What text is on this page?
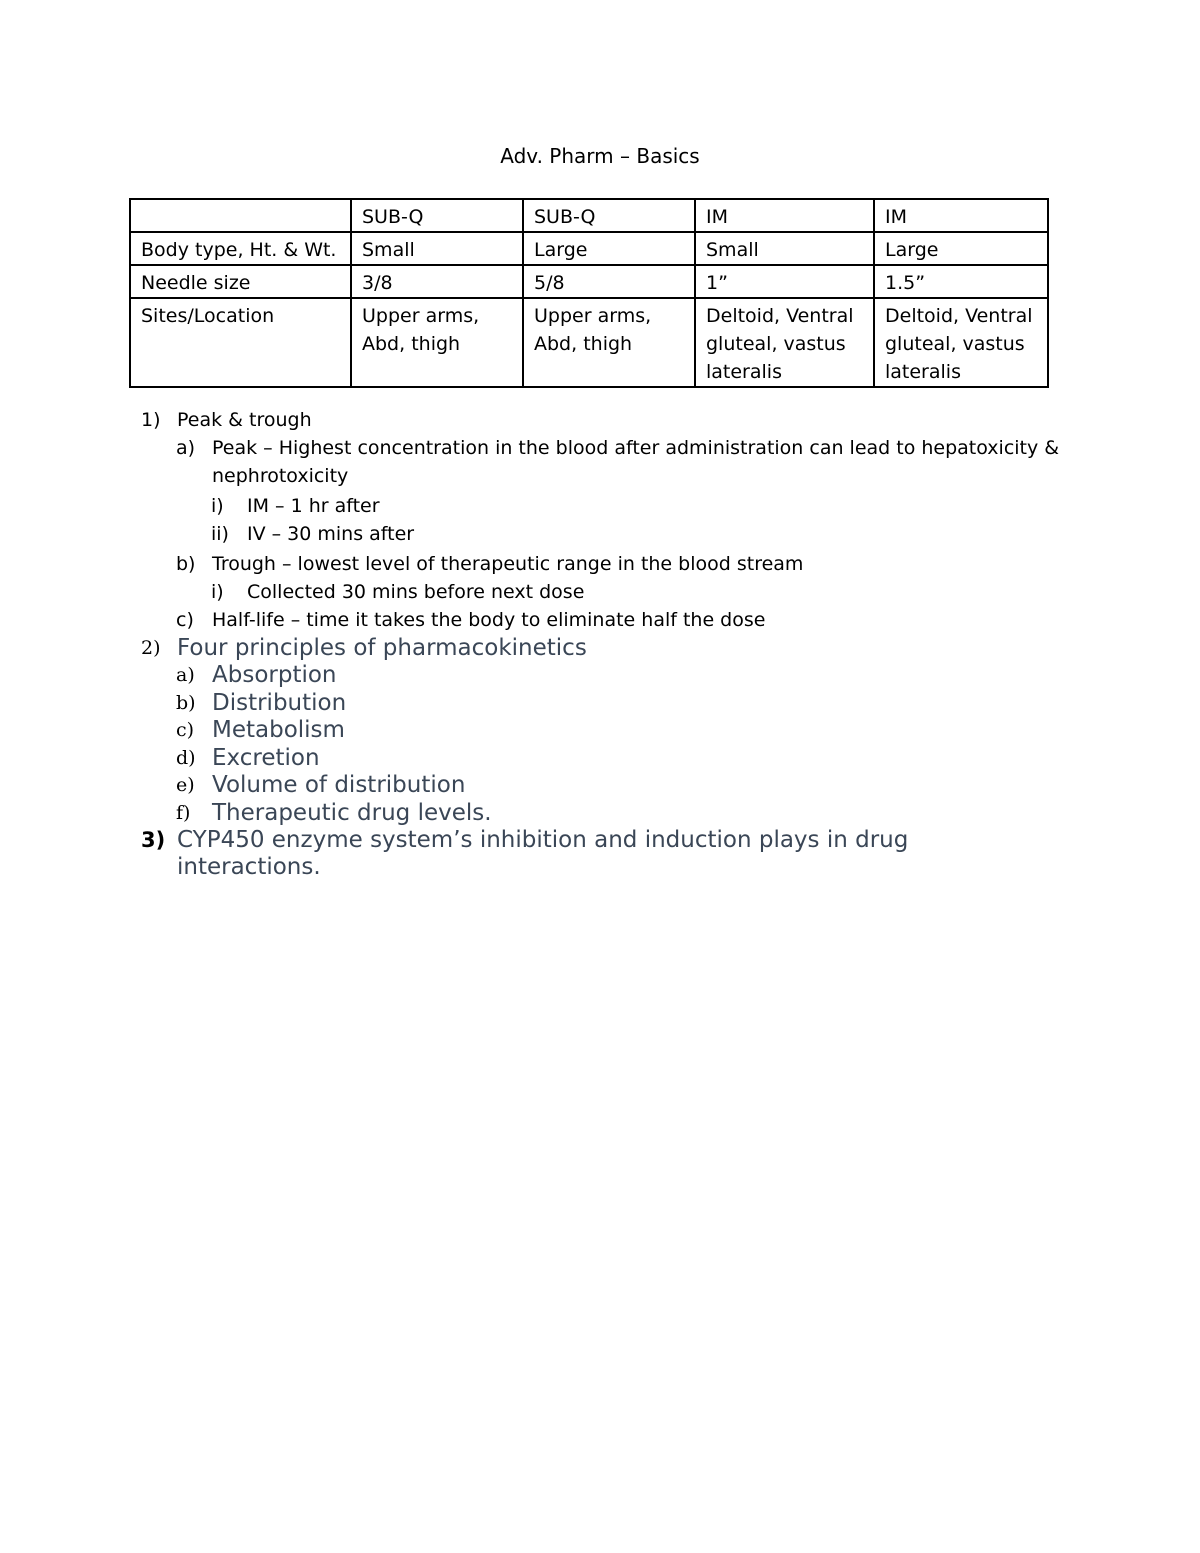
Adv. Pharm – Basics
	SUB-Q	SUB-Q	IM	IM
Body type, Ht. & Wt.	Small	Large	Small	Large
Needle size	3/8	5/8	1”	1.5”
Sites/Location	Upper arms, Abd, thigh	Upper arms, Abd, thigh	Deltoid, Ventral gluteal, vastus lateralis	Deltoid, Ventral gluteal, vastus lateralis
1) Peak & trough
a) Peak – Highest concentration in the blood after administration can lead to hepatoxicity &
nephrotoxicity
i) IM – 1 hr after
ii) IV – 30 mins after
b) Trough – lowest level of therapeutic range in the blood stream
i) Collected 30 mins before next dose
c) Half-life – time it takes the body to eliminate half the dose
2) Four principles of pharmacokinetics
a) Absorption
b) Distribution
c) Metabolism
d) Excretion
e) Volume of distribution
f) Therapeutic drug levels.
3) CYP450 enzyme system’s inhibition and induction plays in drug
interactions.
